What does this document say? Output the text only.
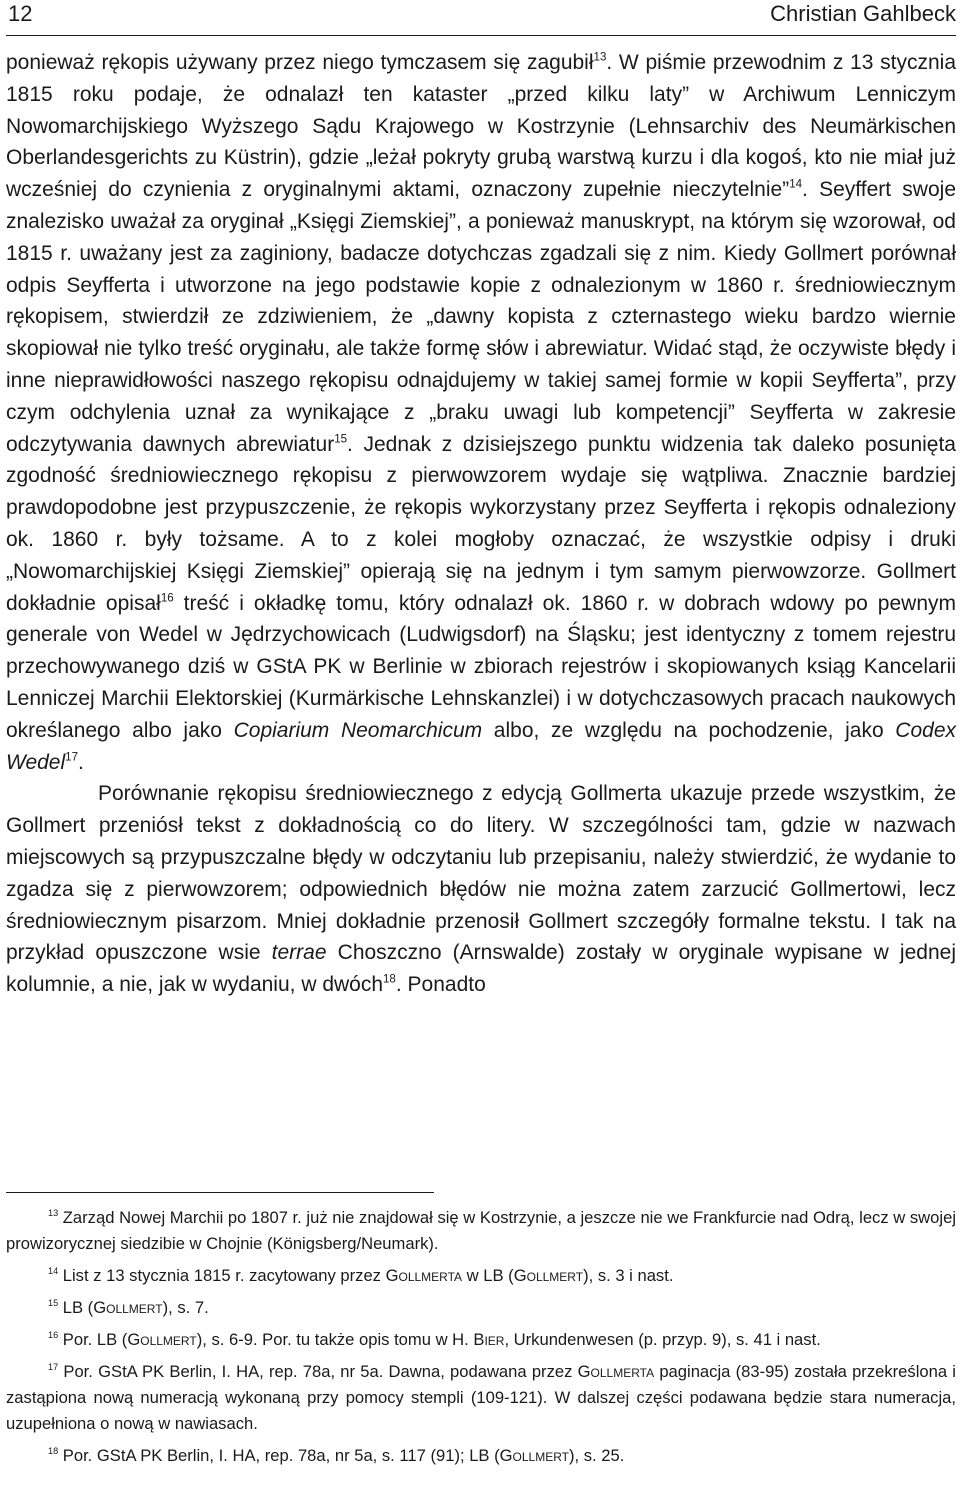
12	Christian Gahlbeck

ponieważ rękopis używany przez niego tymczasem się zagubił$^{13}$. W piśmie przewodnim z 13 stycznia 1815 roku podaje, że odnalazł ten kataster „przed kilku laty” w Archiwum Lenniczym Nowomarchijskiego Wyższego Sądu Krajowego w Kostrzynie (Lehnsarchiv des Neumärkischen Oberlandesgerichts zu Küstrin), gdzie „leżał pokryty grubą warstwą kurzu i dla kogoś, kto nie miał już wcześniej do czynienia z oryginalnymi aktami, oznaczony zupełnie nieczytelnie”$^{14}$. Seyffert swoje znalezisko uważał za oryginał „Księgi Ziemskiej”, a ponieważ manuskrypt, na którym się wzorował, od 1815 r. uważany jest za zaginiony, badacze dotychczas zgadzali się z nim. Kiedy Gollmert porównał odpis Seyfferta i utworzone na jego podstawie kopie z odnalezionym w 1860 r. średniowiecznym rękopisem, stwierdził ze zdziwieniem, że „dawny kopista z czternastego wieku bardzo wiernie skopiował nie tylko treść oryginału, ale także formę słów i abrewiatur. Widać stąd, że oczywiste błędy i inne nieprawidłowości naszego rękopisu odnajdujemy w takiej samej formie w kopii Seyfferta”, przy czym odchylenia uznał za wynikające z „braku uwagi lub kompetencji” Seyfferta w zakresie odczytywania dawnych abrewiatur$^{15}$. Jednak z dzisiejszego punktu widzenia tak daleko posunięta zgodność średniowiecznego rękopisu z pierwowzorem wydaje się wątpliwa. Znacznie bardziej prawdopodobne jest przypuszczenie, że rękopis wykorzystany przez Seyfferta i rękopis odnaleziony ok. 1860 r. były tożsame. A to z kolei mogłoby oznaczać, że wszystkie odpisy i druki „Nowomarchijskiej Księgi Ziemskiej” opierają się na jednym i tym samym pierwowzorze. Gollmert dokładnie opisał$^{16}$ treść i okładkę tomu, który odnalazł ok. 1860 r. w dobrach wdowy po pewnym generale von Wedel w Jędrzychowicach (Ludwigsdorf) na Śląsku; jest identyczny z tomem rejestru przechowywanego dziś w GStA PK w Berlinie w zbiorach rejestrów i skopiowanych ksiąg Kancelarii Lenniczej Marchii Elektorskiej (Kurmärkische Lehnskanzlei) i w dotychczasowych pracach naukowych określanego albo jako Copiarium Neomarchicum albo, ze względu na pochodzenie, jako Codex Wedel$^{17}$.

Porównanie rękopisu średniowiecznego z edycją Gollmerta ukazuje przede wszystkim, że Gollmert przeniósł tekst z dokładnością co do litery. W szczególności tam, gdzie w nazwach miejscowych są przypuszczalne błędy w odczytaniu lub przepisaniu, należy stwierdzić, że wydanie to zgadza się z pierwowzorem; odpowiednich błędów nie można zatem zarzucić Gollmertowi, lecz średniowiecznym pisarzom. Mniej dokładnie przenosił Gollmert szczegóły formalne tekstu. I tak na przykład opuszczone wsie terrae Choszczno (Arnswalde) zostały w oryginale wypisane w jednej kolumnie, a nie, jak w wydaniu, w dwóch$^{18}$. Ponadto

$^{13}$ Zarząd Nowej Marchii po 1807 r. już nie znajdował się w Kostrzynie, a jeszcze nie we Frankfurcie nad Odrą, lecz w swojej prowizorycznej siedzibie w Chojnie (Königsberg/Neumark).

$^{14}$ List z 13 stycznia 1815 r. zacytowany przez Gollmerta w LB (Gollmert), s. 3 i nast.

$^{15}$ LB (Gollmert), s. 7.

$^{16}$ Por. LB (Gollmert), s. 6-9. Por. tu także opis tomu w H. Bier, Urkundenwesen (p. przyp. 9), s. 41 i nast.

$^{17}$ Por. GStA PK Berlin, I. HA, rep. 78a, nr 5a. Dawna, podawana przez Gollmerta paginacja (83-95) została przekreślona i zastąpiona nową numeracją wykonaną przy pomocy stempli (109-121). W dalszej części podawana będzie stara numeracja, uzupełniona o nową w nawiasach.

$^{18}$ Por. GStA PK Berlin, I. HA, rep. 78a, nr 5a, s. 117 (91); LB (Gollmert), s. 25.
